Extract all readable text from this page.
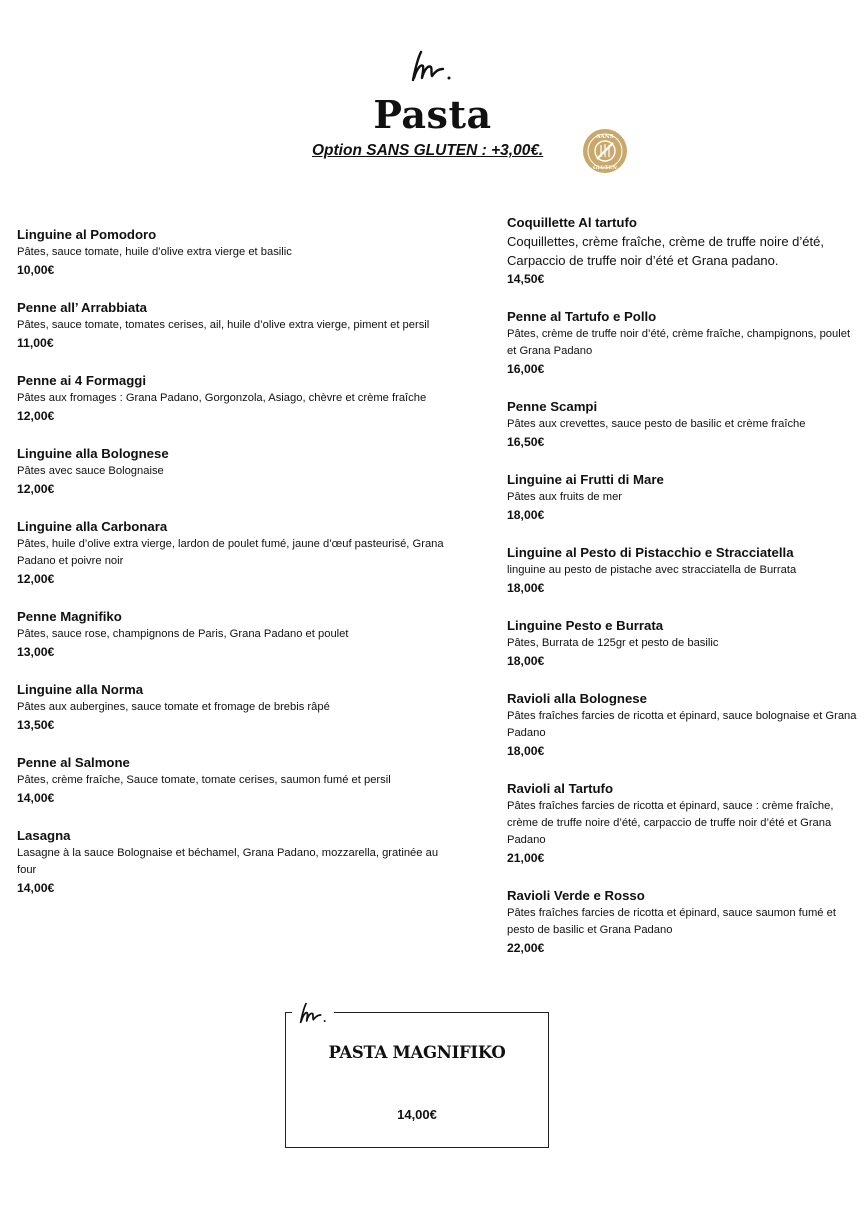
Pasta
Option SANS GLUTEN : +3,00€.
SANS
GLUTEN
Linguine al Pomodoro
Pâtes, sauce tomate, huile d’olive extra vierge et basilic
10,00€
Penne all’ Arrabbiata
Pâtes, sauce tomate, tomates cerises, ail, huile d’olive extra vierge, piment et persil
11,00€
Penne ai 4 Formaggi
Pâtes aux fromages : Grana Padano, Gorgonzola, Asiago, chèvre et crème fraîche
12,00€
Linguine alla Bolognese
Pâtes avec sauce Bolognaise
12,00€
Linguine alla Carbonara
Pâtes, huile d’olive extra vierge, lardon de poulet fumé, jaune d’œuf pasteurisé, Grana Padano et poivre noir
12,00€
Penne Magnifiko
Pâtes, sauce rose, champignons de Paris, Grana Padano et poulet
13,00€
Linguine alla Norma
Pâtes aux aubergines, sauce tomate et fromage de brebis râpé
13,50€
Penne al Salmone
Pâtes, crème fraîche, Sauce tomate, tomate cerises, saumon fumé et persil
14,00€
Lasagna
Lasagne à la sauce Bolognaise et béchamel, Grana Padano, mozzarella, gratinée au four
14,00€
Coquillette Al tartufo
Coquillettes, crème fraîche, crème de truffe noire d’été, Carpaccio de truffe noir d’été et Grana padano.
14,50€
Penne al Tartufo e Pollo
Pâtes, crème de truffe noir d’été, crème fraîche, champignons, poulet et Grana Padano
16,00€
Penne Scampi
Pâtes aux crevettes, sauce pesto de basilic et crème fraîche
16,50€
Linguine ai Frutti di Mare
Pâtes aux fruits de mer
18,00€
Linguine al Pesto di Pistacchio e Stracciatella
linguine au pesto de pistache avec stracciatella de Burrata
18,00€
Linguine Pesto e Burrata
Pâtes, Burrata de 125gr et pesto de basilic
18,00€
Ravioli alla Bolognese
Pâtes fraîches farcies de ricotta et épinard, sauce bolognaise et Grana Padano
18,00€
Ravioli al Tartufo
Pâtes fraîches farcies de ricotta et épinard, sauce : crème fraîche, crème de truffe noire d’été, carpaccio de truffe noir d’été et Grana Padano
21,00€
Ravioli Verde e Rosso
Pâtes fraîches farcies de ricotta et épinard, sauce saumon fumé et pesto de basilic et Grana Padano
22,00€
PASTA MAGNIFIKO
14,00€
